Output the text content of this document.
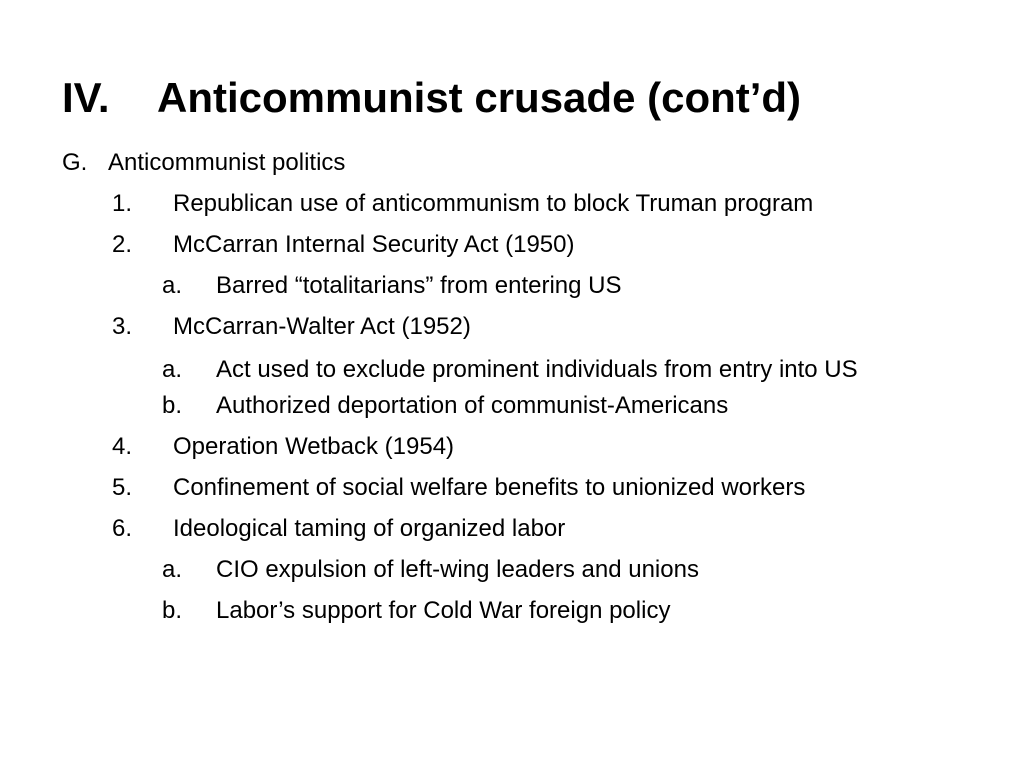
IV. Anticommunist crusade (cont’d)
G. Anticommunist politics
1. Republican use of anticommunism to block Truman program
2. McCarran Internal Security Act (1950)
a. Barred “totalitarians” from entering US
3. McCarran-Walter Act (1952)
a. Act used to exclude prominent individuals from entry into US
b. Authorized deportation of communist-Americans
4. Operation Wetback (1954)
5. Confinement of social welfare benefits to unionized workers
6. Ideological taming of organized labor
a. CIO expulsion of left-wing leaders and unions
b. Labor’s support for Cold War foreign policy
